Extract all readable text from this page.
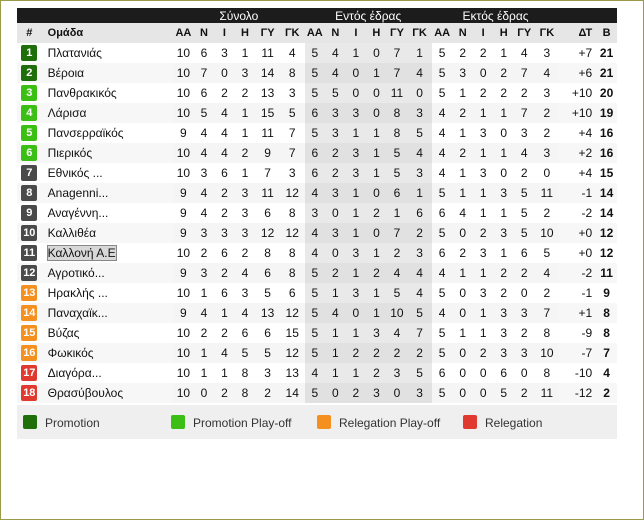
		Σύνολο						Εντός έδρας						Εκτός έδρας							
#	Ομάδα	ΑΑ	Ν	Ι	Η	ΓΥ	ΓΚ	ΑΑ	Ν	Ι	Η	ΓΥ	ΓΚ	ΑΑ	Ν	Ι	Η	ΓΥ	ΓΚ	ΔΤ	Β
1	Πλατανιάς	10	6	3	1	11	4	5	4	1	0	7	1	5	2	2	1	4	3	+7	21
2	Βέροια	10	7	0	3	14	8	5	4	0	1	7	4	5	3	0	2	7	4	+6	21
3	Πανθρακικός	10	6	2	2	13	3	5	5	0	0	11	0	5	1	2	2	2	3	+10	20
4	Λάρισα	10	5	4	1	15	5	6	3	3	0	8	3	4	2	1	1	7	2	+10	19
5	Πανσερραϊκός	9	4	4	1	11	7	5	3	1	1	8	5	4	1	3	0	3	2	+4	16
6	Πιερικός	10	4	4	2	9	7	6	2	3	1	5	4	4	2	1	1	4	3	+2	16
7	Εθνικός ...	10	3	6	1	7	3	6	2	3	1	5	3	4	1	3	0	2	0	+4	15
8	Anagenni...	9	4	2	3	11	12	4	3	1	0	6	1	5	1	1	3	5	11	-1	14
9	Αναγέννη...	9	4	2	3	6	8	3	0	1	2	1	6	6	4	1	1	5	2	-2	14
10	Καλλιθέα	9	3	3	3	12	12	4	3	1	0	7	2	5	0	2	3	5	10	+0	12
11	Καλλονή Α.Ε	10	2	6	2	8	8	4	0	3	1	2	3	6	2	3	1	6	5	+0	12
12	Αγροτικό...	9	3	2	4	6	8	5	2	1	2	4	4	4	1	1	2	2	4	-2	11
13	Ηρακλής ...	10	1	6	3	5	6	5	1	3	1	5	4	5	0	3	2	0	2	-1	9
14	Παναχαϊκ...	9	4	1	4	13	12	5	4	0	1	10	5	4	0	1	3	3	7	+1	8
15	Βύζας	10	2	2	6	6	15	5	1	1	3	4	7	5	1	1	3	2	8	-9	8
16	Φωκικός	10	1	4	5	5	12	5	1	2	2	2	2	5	0	2	3	3	10	-7	7
17	Διαγόρα...	10	1	1	8	3	13	4	1	1	2	3	5	6	0	0	6	0	8	-10	4
18	Θρασύβουλος	10	0	2	8	2	14	5	0	2	3	0	3	5	0	0	5	2	11	-12	2
Promotion	Promotion Play-off	Relegation Play-off	Relegation
